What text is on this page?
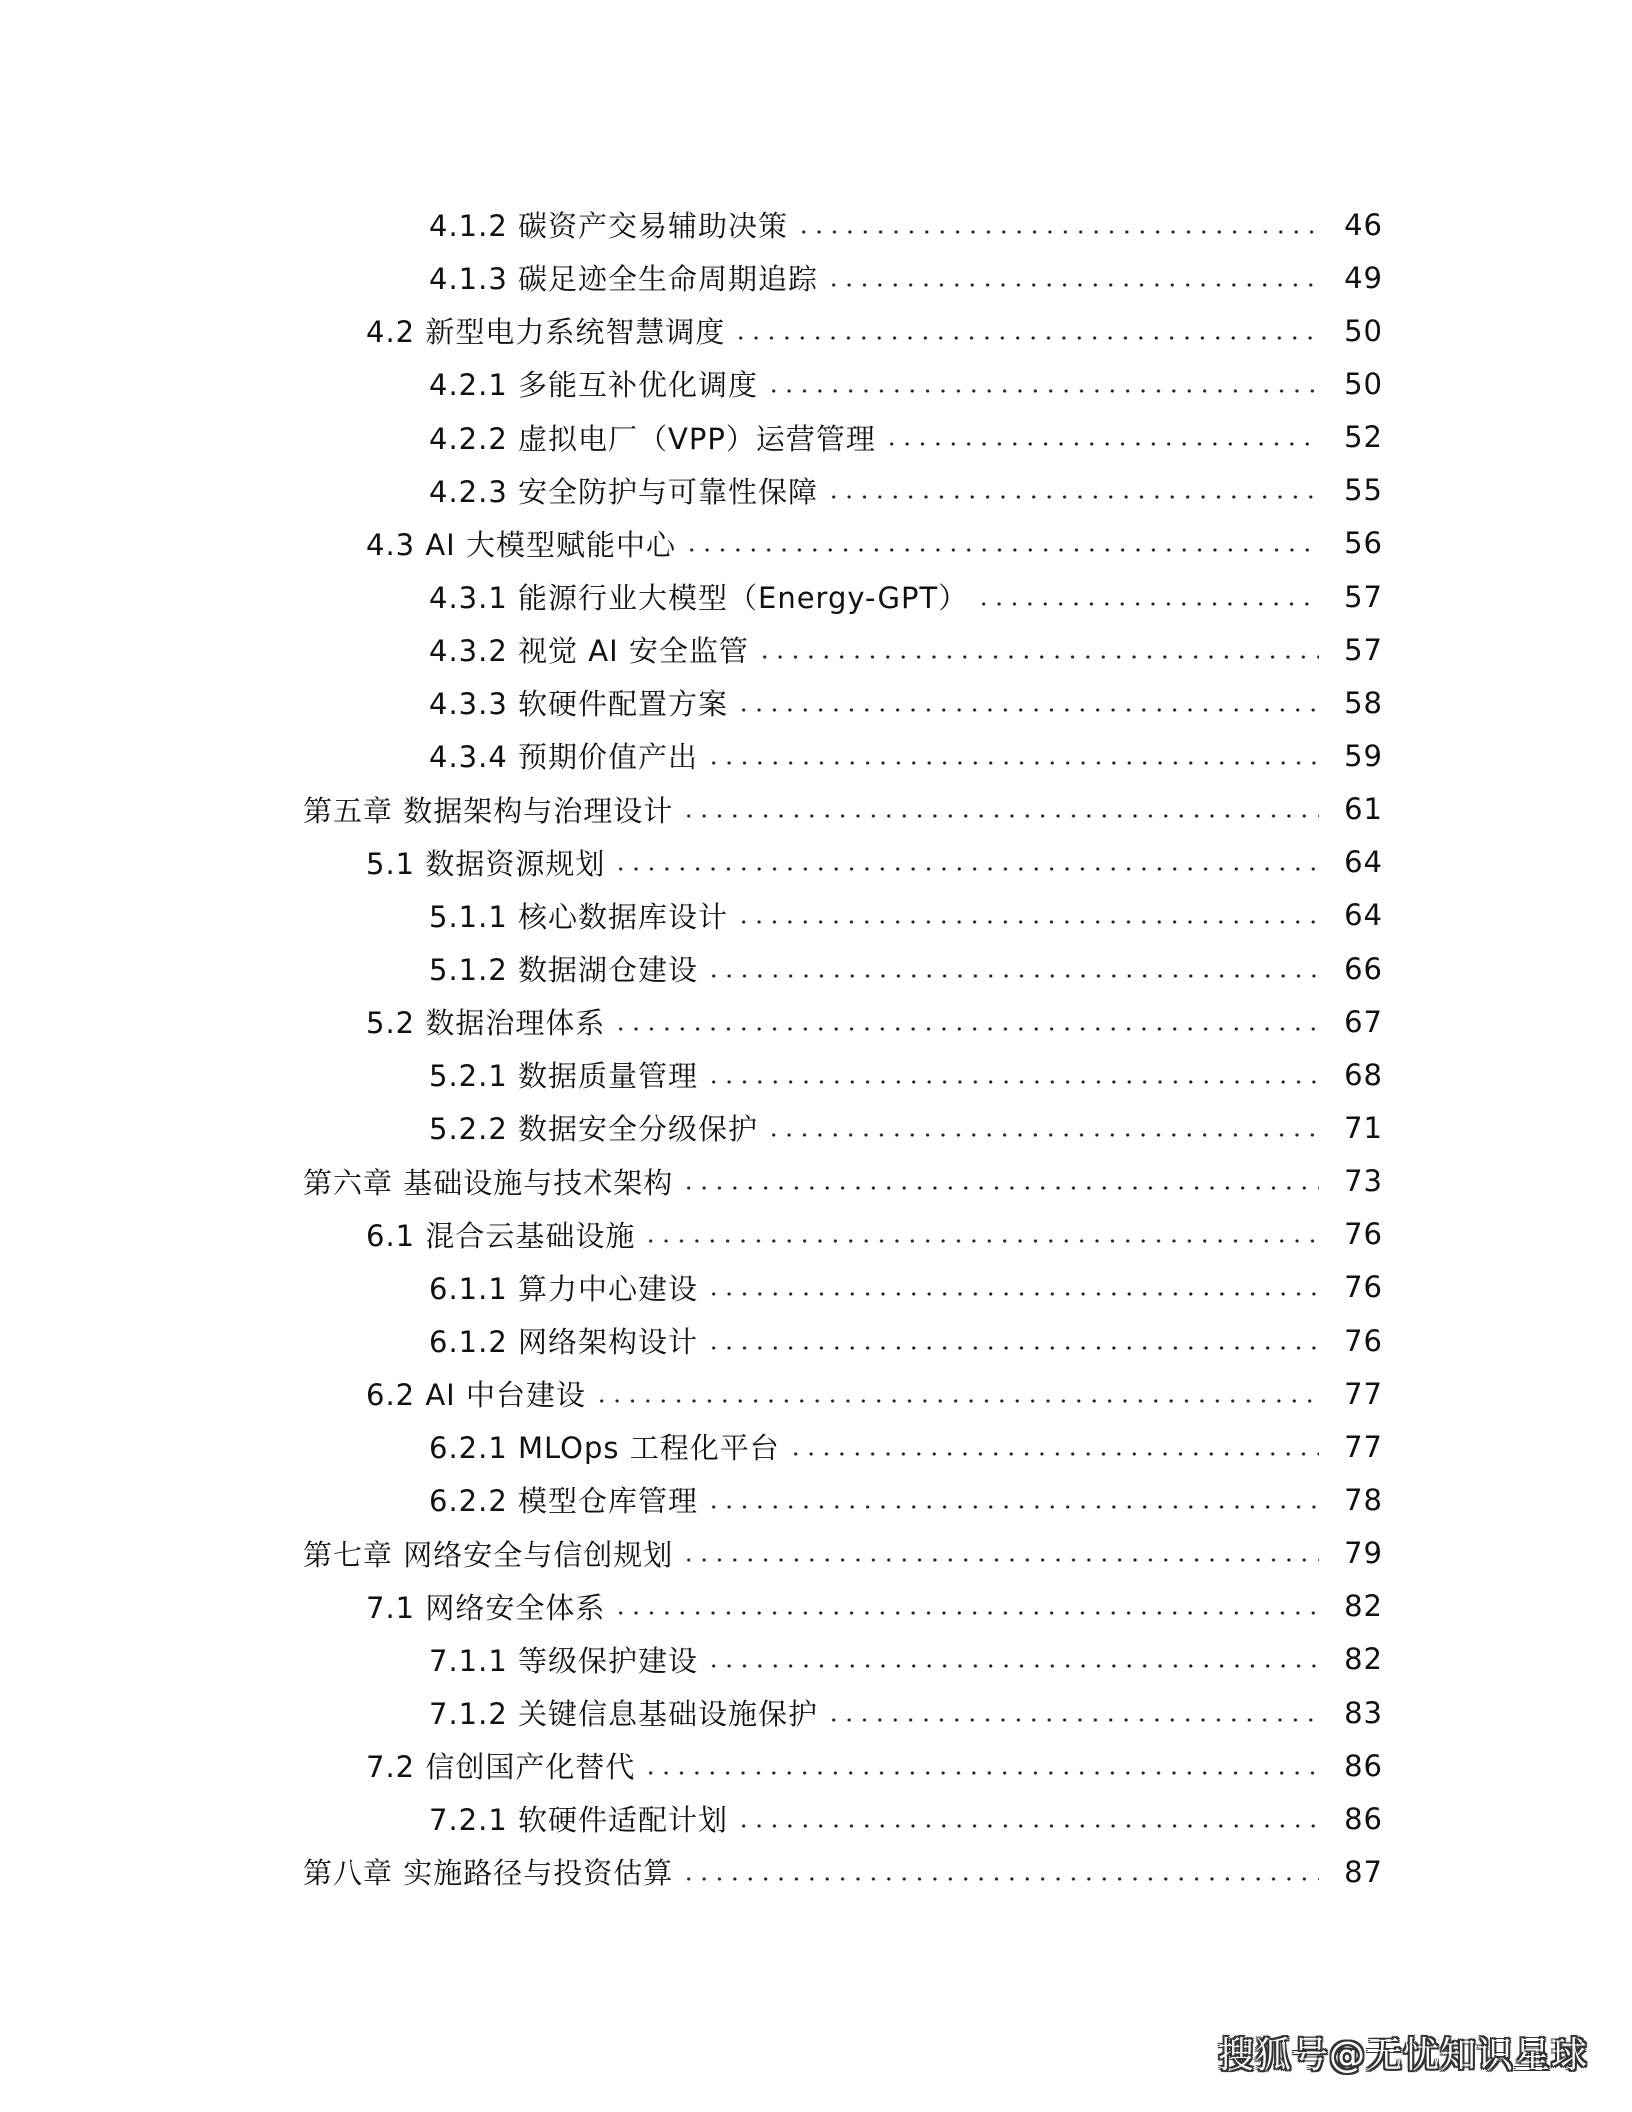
4.1.2 碳资产交易辅助决策	46
4.1.3 碳足迹全生命周期追踪	49
4.2 新型电力系统智慧调度	50
4.2.1 多能互补优化调度	50
4.2.2 虚拟电厂（VPP）运营管理	52
4.2.3 安全防护与可靠性保障	55
4.3 AI 大模型赋能中心	56
4.3.1 能源行业大模型（Energy-GPT）	57
4.3.2 视觉 AI 安全监管	57
4.3.3 软硬件配置方案	58
4.3.4 预期价值产出	59
第五章 数据架构与治理设计	61
5.1 数据资源规划	64
5.1.1 核心数据库设计	64
5.1.2 数据湖仓建设	66
5.2 数据治理体系	67
5.2.1 数据质量管理	68
5.2.2 数据安全分级保护	71
第六章 基础设施与技术架构	73
6.1 混合云基础设施	76
6.1.1 算力中心建设	76
6.1.2 网络架构设计	76
6.2 AI 中台建设	77
6.2.1 MLOps 工程化平台	77
6.2.2 模型仓库管理	78
第七章 网络安全与信创规划	79
7.1 网络安全体系	82
7.1.1 等级保护建设	82
7.1.2 关键信息基础设施保护	83
7.2 信创国产化替代	86
7.2.1 软硬件适配计划	86
第八章 实施路径与投资估算	87
搜狐号@无忧知识星球
